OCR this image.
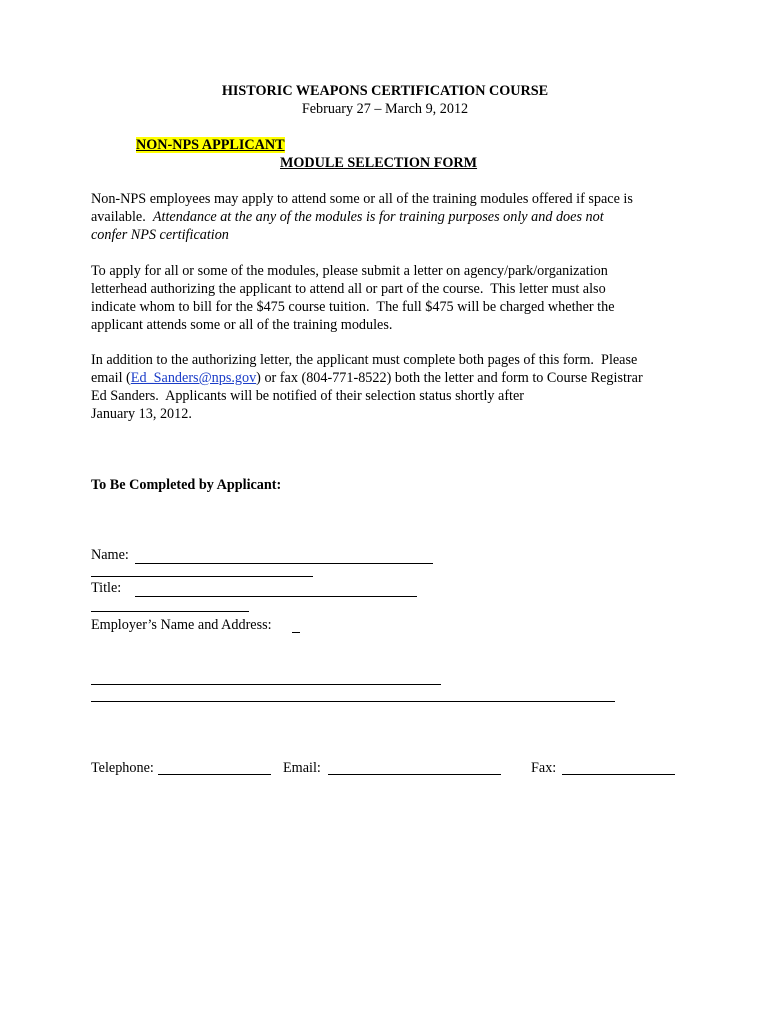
HISTORIC WEAPONS CERTIFICATION COURSE
February 27 – March 9, 2012
NON-NPS APPLICANT
MODULE SELECTION FORM

Non-NPS employees may apply to attend some or all of the training modules offered if space is

available.  Attendance at the any of the modules is for training purposes only and does not

confer NPS certification

To apply for all or some of the modules, please submit a letter on agency/park/organization

letterhead authorizing the applicant to attend all or part of the course.  This letter must also

indicate whom to bill for the $475 course tuition.  The full $475 will be charged whether the

applicant attends some or all of the training modules.

In addition to the authorizing letter, the applicant must complete both pages of this form.  Please

email (Ed_Sanders@nps.gov) or fax (804-771-8522) both the letter and form to Course Registrar

Ed Sanders.  Applicants will be notified of their selection status shortly after

January 13, 2012.

To Be Completed by Applicant:
Name:
Title:
Employer’s Name and Address:
Telephone:	Email:	Fax:
